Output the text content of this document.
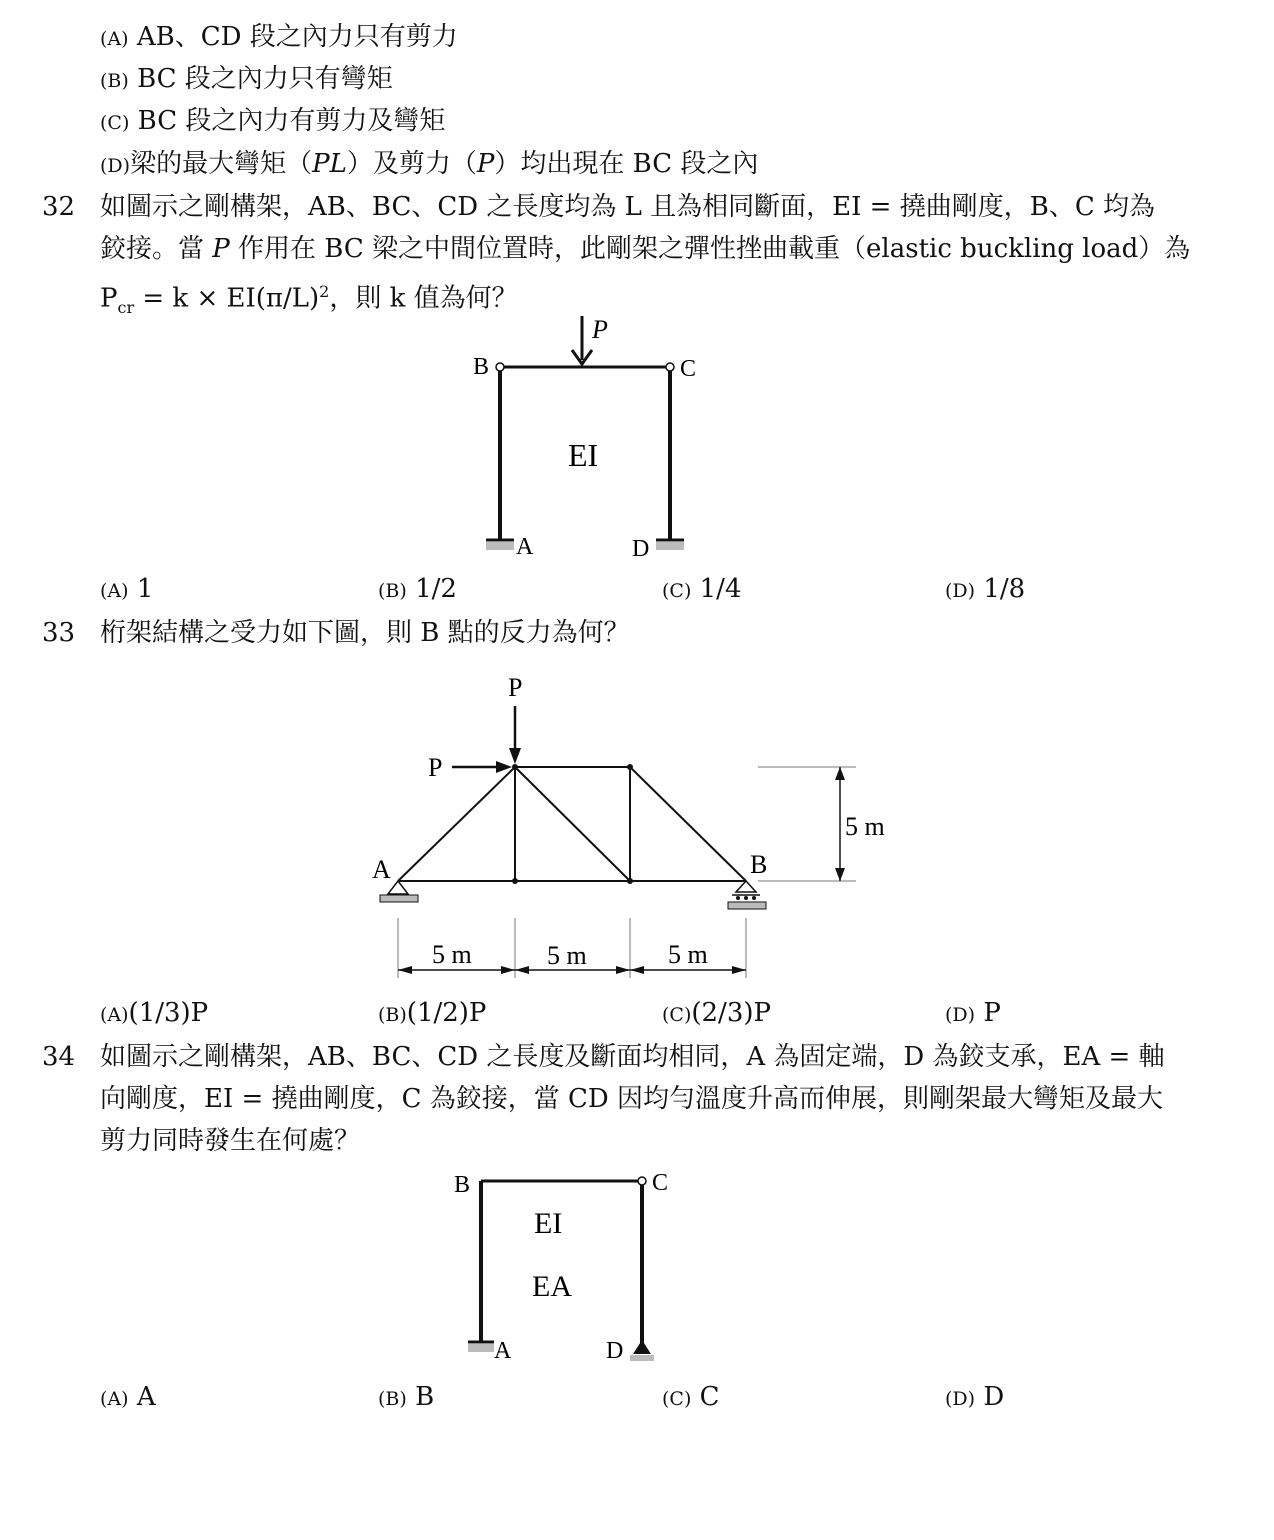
(A) AB、CD 段之內力只有剪力
(B) BC 段之內力只有彎矩
(C) BC 段之內力有剪力及彎矩
(D)梁的最大彎矩（PL）及剪力（P）均出現在 BC 段之內
32 如圖示之剛構架，AB、BC、CD 之長度均為 L 且為相同斷面，EI = 撓曲剛度，B、C 均為
鉸接。當 P 作用在 BC 梁之中間位置時，此剛架之彈性挫曲載重（elastic buckling load）為
$P_{cr} = k \times EI(\pi/L)^2$，則 k 值為何？
P
B	C
A	D
EI
(A) 1	(B) 1/2	(C) 1/4	(D) 1/8
33 桁架結構之受力如下圖，則 B 點的反力為何？
P
P
A	B
5 m
5 m	5 m	5 m
(A)(1/3)P	(B)(1/2)P	(C)(2/3)P	(D) P
34 如圖示之剛構架，AB、BC、CD 之長度及斷面均相同，A 為固定端，D 為鉸支承，EA = 軸
向剛度，EI = 撓曲剛度，C 為鉸接，當 CD 因均勻溫度升高而伸展，則剛架最大彎矩及最大
剪力同時發生在何處？
B	C
A	D
EI
EA
(A) A	(B) B	(C) C	(D) D
